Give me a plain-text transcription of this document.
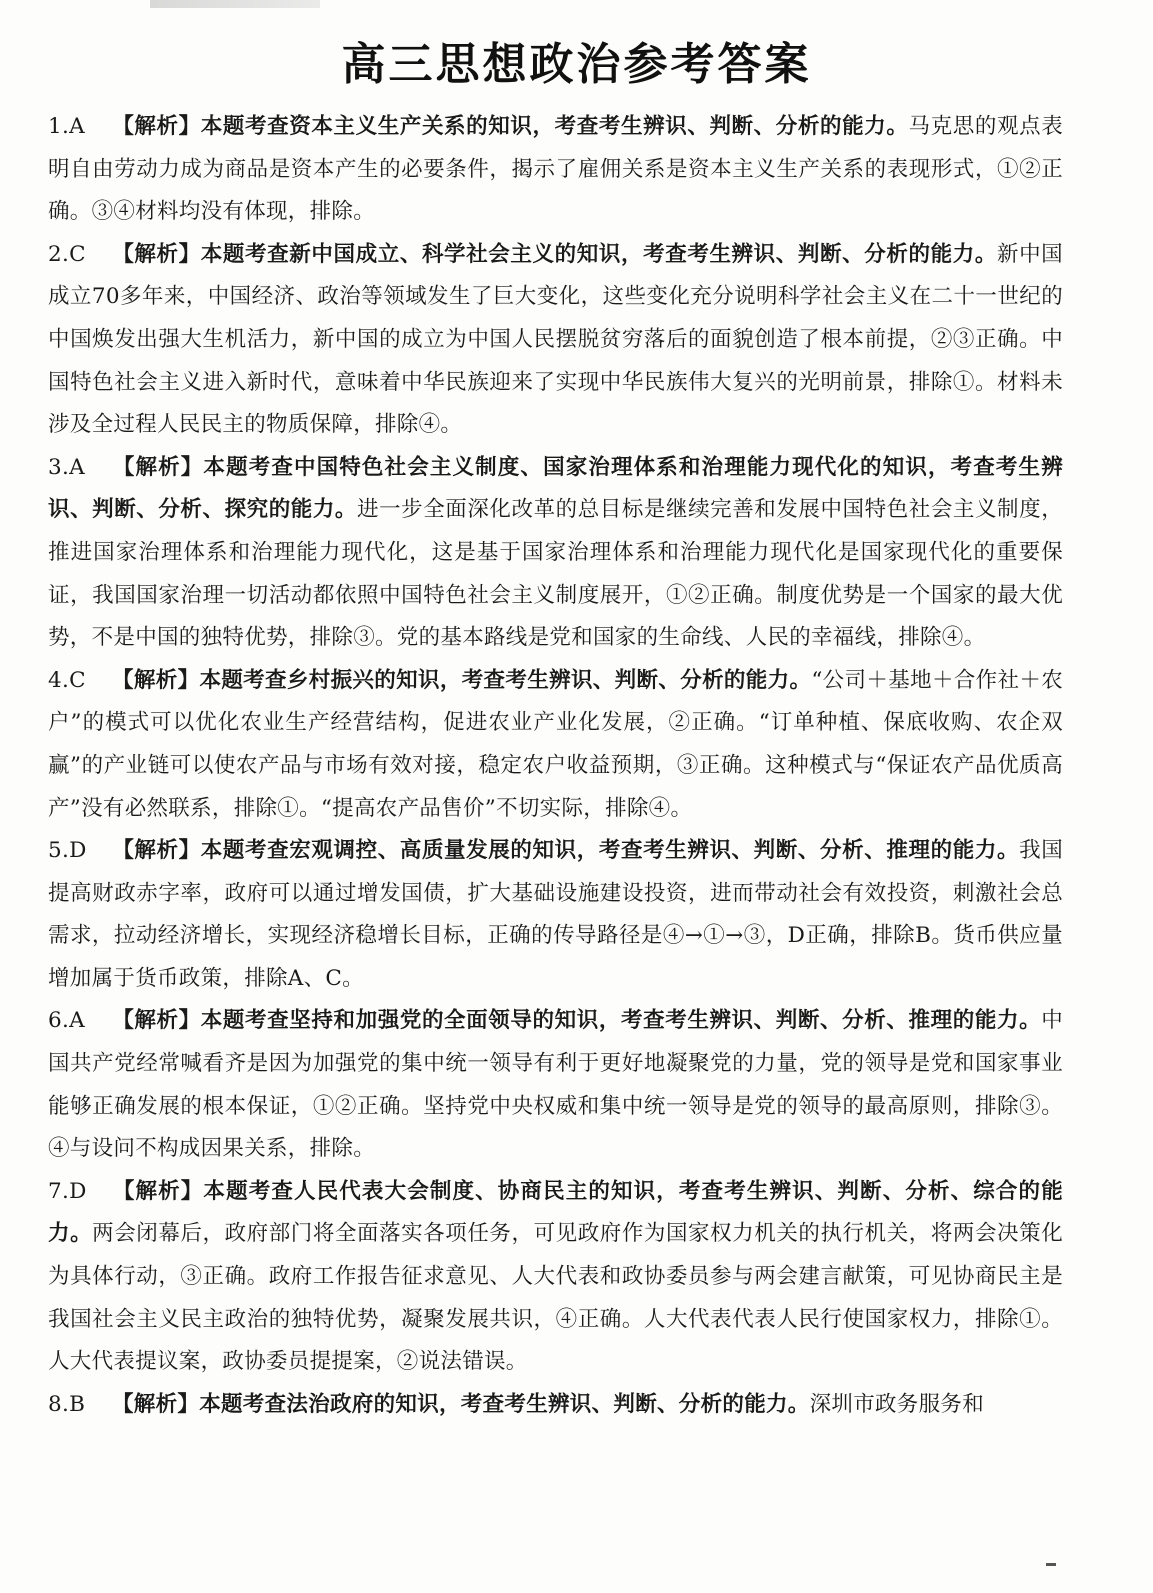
高三思想政治参考答案

1.A 【解析】本题考查资本主义生产关系的知识，考查考生辨识、判断、分析的能力。马克思的观点表明自由劳动力成为商品是资本产生的必要条件，揭示了雇佣关系是资本主义生产关系的表现形式，①②正确。③④材料均没有体现，排除。

2.C 【解析】本题考查新中国成立、科学社会主义的知识，考查考生辨识、判断、分析的能力。新中国成立70多年来，中国经济、政治等领域发生了巨大变化，这些变化充分说明科学社会主义在二十一世纪的中国焕发出强大生机活力，新中国的成立为中国人民摆脱贫穷落后的面貌创造了根本前提，②③正确。中国特色社会主义进入新时代，意味着中华民族迎来了实现中华民族伟大复兴的光明前景，排除①。材料未涉及全过程人民民主的物质保障，排除④。

3.A 【解析】本题考查中国特色社会主义制度、国家治理体系和治理能力现代化的知识，考查考生辨识、判断、分析、探究的能力。进一步全面深化改革的总目标是继续完善和发展中国特色社会主义制度，推进国家治理体系和治理能力现代化，这是基于国家治理体系和治理能力现代化是国家现代化的重要保证，我国国家治理一切活动都依照中国特色社会主义制度展开，①②正确。制度优势是一个国家的最大优势，不是中国的独特优势，排除③。党的基本路线是党和国家的生命线、人民的幸福线，排除④。

4.C 【解析】本题考查乡村振兴的知识，考查考生辨识、判断、分析的能力。“公司＋基地＋合作社＋农户”的模式可以优化农业生产经营结构，促进农业产业化发展，②正确。“订单种植、保底收购、农企双赢”的产业链可以使农产品与市场有效对接，稳定农户收益预期，③正确。这种模式与“保证农产品优质高产”没有必然联系，排除①。“提高农产品售价”不切实际，排除④。

5.D 【解析】本题考查宏观调控、高质量发展的知识，考查考生辨识、判断、分析、推理的能力。我国提高财政赤字率，政府可以通过增发国债，扩大基础设施建设投资，进而带动社会有效投资，刺激社会总需求，拉动经济增长，实现经济稳增长目标，正确的传导路径是④→①→③，D正确，排除B。货币供应量增加属于货币政策，排除A、C。

6.A 【解析】本题考查坚持和加强党的全面领导的知识，考查考生辨识、判断、分析、推理的能力。中国共产党经常喊看齐是因为加强党的集中统一领导有利于更好地凝聚党的力量，党的领导是党和国家事业能够正确发展的根本保证，①②正确。坚持党中央权威和集中统一领导是党的领导的最高原则，排除③。④与设问不构成因果关系，排除。

7.D 【解析】本题考查人民代表大会制度、协商民主的知识，考查考生辨识、判断、分析、综合的能力。两会闭幕后，政府部门将全面落实各项任务，可见政府作为国家权力机关的执行机关，将两会决策化为具体行动，③正确。政府工作报告征求意见、人大代表和政协委员参与两会建言献策，可见协商民主是我国社会主义民主政治的独特优势，凝聚发展共识，④正确。人大代表代表人民行使国家权力，排除①。人大代表提议案，政协委员提提案，②说法错误。

8.B 【解析】本题考查法治政府的知识，考查考生辨识、判断、分析的能力。深圳市政务服务和
